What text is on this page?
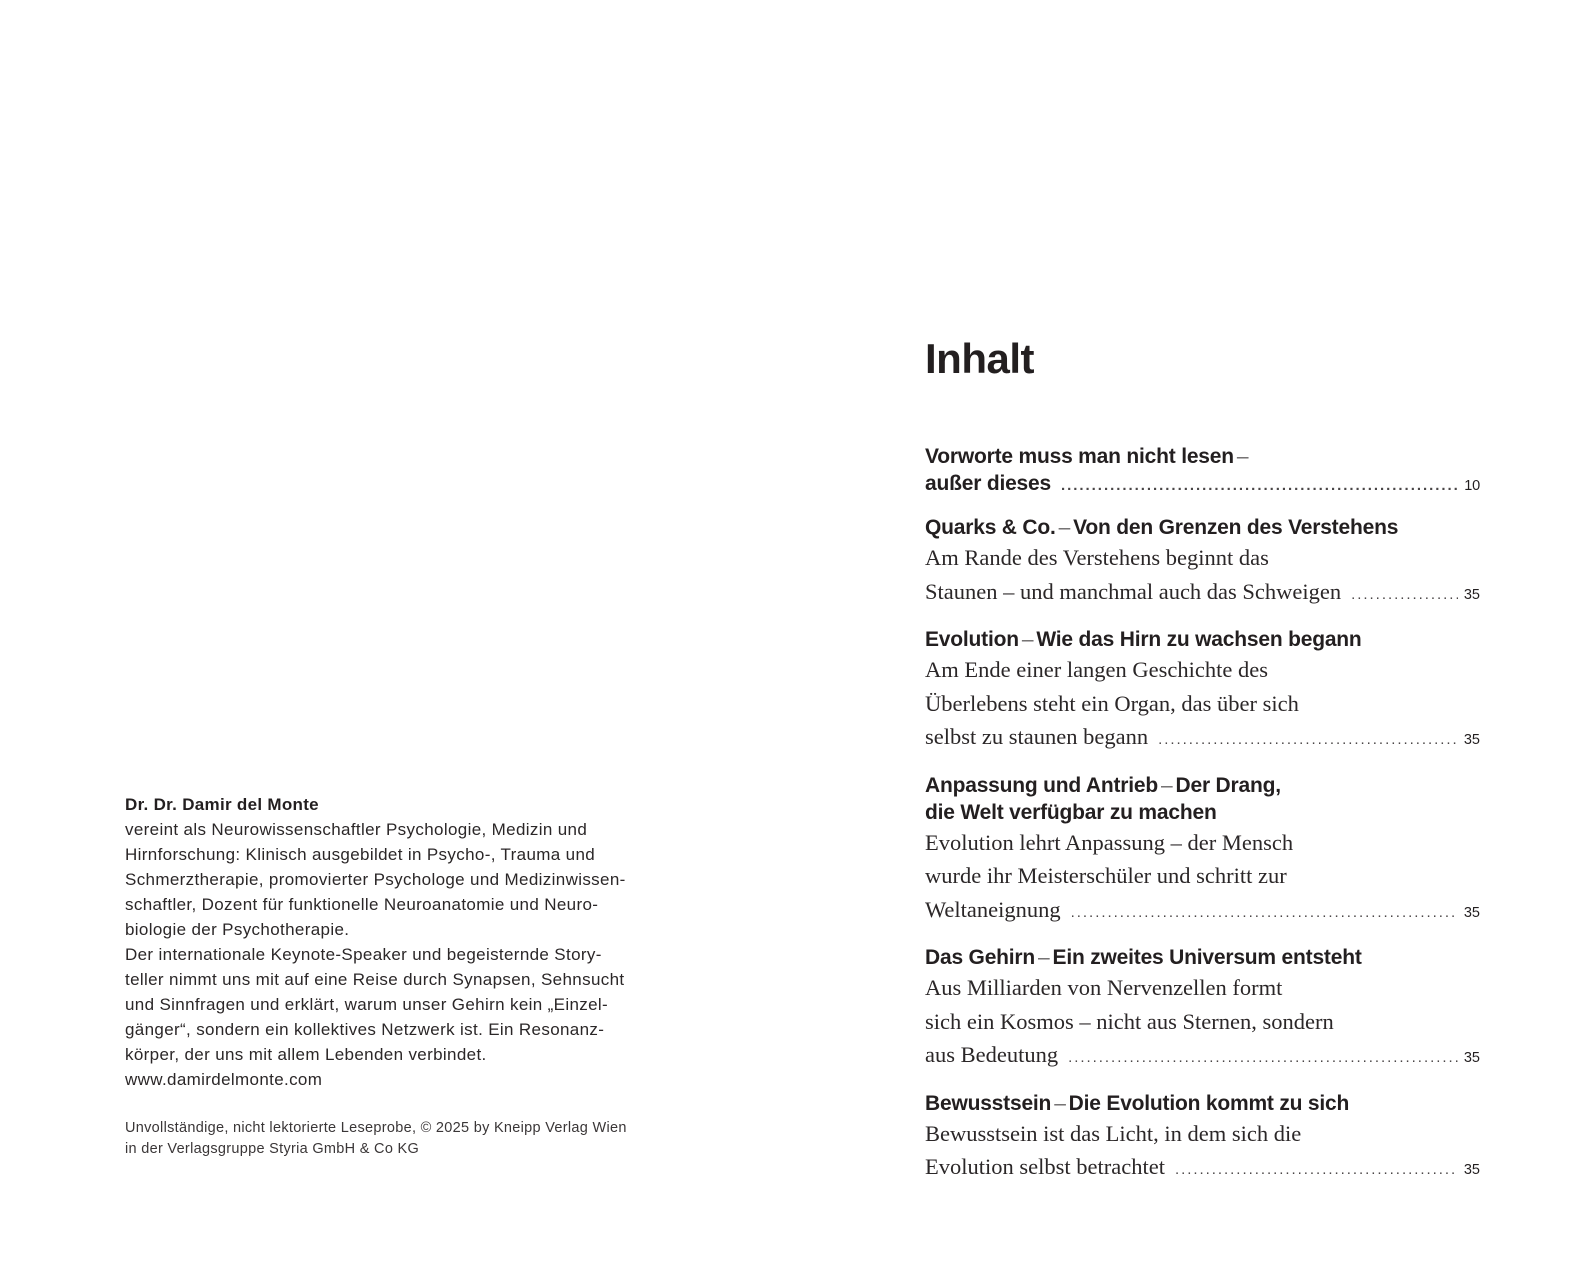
Dr. Dr. Damir del Monte

vereint als Neurowissenschaftler Psychologie, Medizin und

Hirnforschung: Klinisch ausgebildet in Psycho-, Trauma und

Schmerztherapie, promovierter Psychologe und Medizinwissen-

schaftler, Dozent für funktionelle Neuroanatomie und Neuro-

biologie der Psychotherapie.

Der internationale Keynote-Speaker und begeisternde Story-

teller nimmt uns mit auf eine Reise durch Synapsen, Sehnsucht

und Sinnfragen und erklärt, warum unser Gehirn kein „Einzel-

gänger“, sondern ein kollektives Netzwerk ist. Ein Resonanz-

körper, der uns mit allem Lebenden verbindet.

www.damirdelmonte.com

Unvollständige, nicht lektorierte Leseprobe, © 2025 by Kneipp Verlag Wien

in der Verlagsgruppe Styria GmbH & Co KG

Inhalt
Vorworte muss man nicht lesen –
außer dieses . . .	10
Quarks & Co. – Von den Grenzen des Verstehens
Am Rande des Verstehens beginnt das
Staunen – und manchmal auch das Schweigen . . .	35
Evolution – Wie das Hirn zu wachsen begann
Am Ende einer langen Geschichte des
Überlebens steht ein Organ, das über sich
selbst zu staunen begann . . .	35
Anpassung und Antrieb – Der Drang,
die Welt verfügbar zu machen
Evolution lehrt Anpassung – der Mensch
wurde ihr Meisterschüler und schritt zur
Weltaneignung . . .	35
Das Gehirn – Ein zweites Universum entsteht
Aus Milliarden von Nervenzellen formt
sich ein Kosmos – nicht aus Sternen, sondern
aus Bedeutung . . .	35
Bewusstsein – Die Evolution kommt zu sich
Bewusstsein ist das Licht, in dem sich die
Evolution selbst betrachtet . . .	35
